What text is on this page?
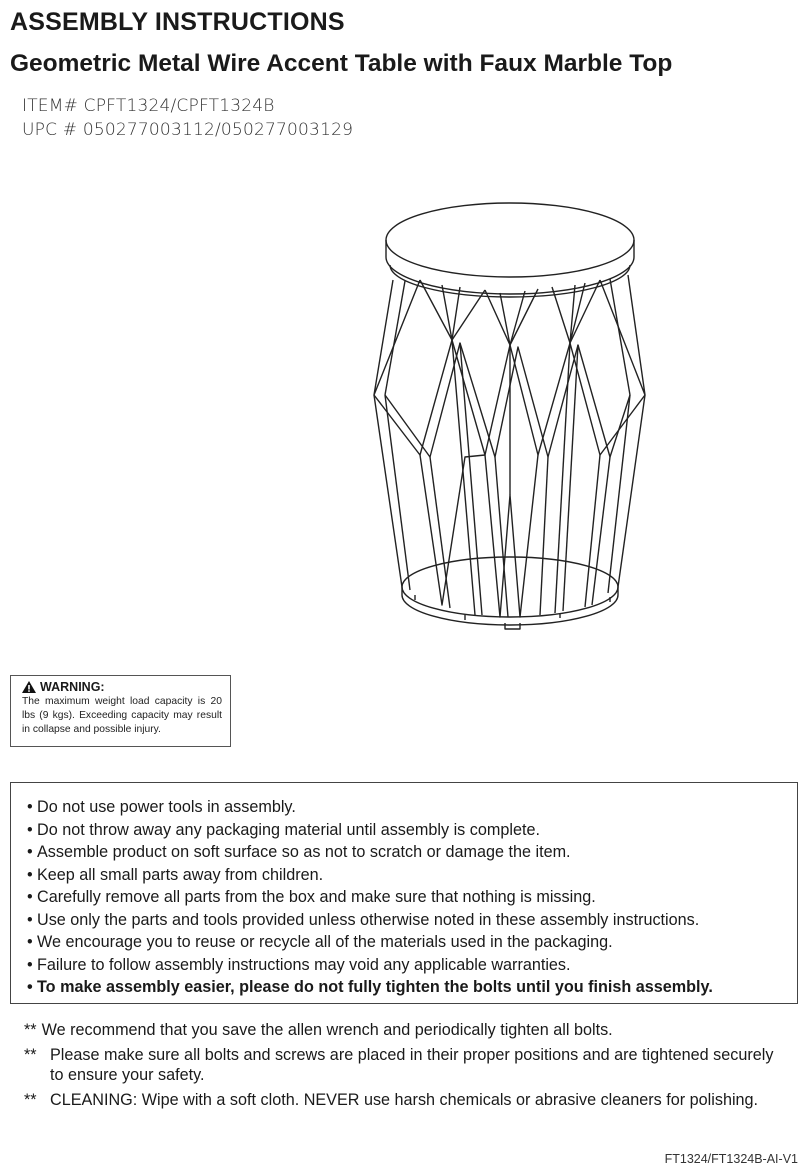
ASSEMBLY INSTRUCTIONS
Geometric Metal Wire Accent Table with Faux Marble Top
ITEM# CPFT1324/CPFT1324B
UPC # 050277003112/050277003129
WARNING:
The maximum weight load capacity is 20 lbs (9 kgs). Exceeding capacity may result in collapse and possible injury.
• Do not use power tools in assembly.
• Do not throw away any packaging material until assembly is complete.
• Assemble product on soft surface so as not to scratch or damage the item.
• Keep all small parts away from children.
• Carefully remove all parts from the box and make sure that nothing is missing.
• Use only the parts and tools provided unless otherwise noted in these assembly instructions.
• We encourage you to reuse or recycle all of the materials used in the packaging.
• Failure to follow assembly instructions may void any applicable warranties.
• To make assembly easier, please do not fully tighten the bolts until you finish assembly.
** We recommend that you save the allen wrench and periodically tighten all bolts.
** Please make sure all bolts and screws are placed in their proper positions and are tightened securely to ensure your safety.
** CLEANING: Wipe with a soft cloth. NEVER use harsh chemicals or abrasive cleaners for polishing.
FT1324/FT1324B-AI-V1
